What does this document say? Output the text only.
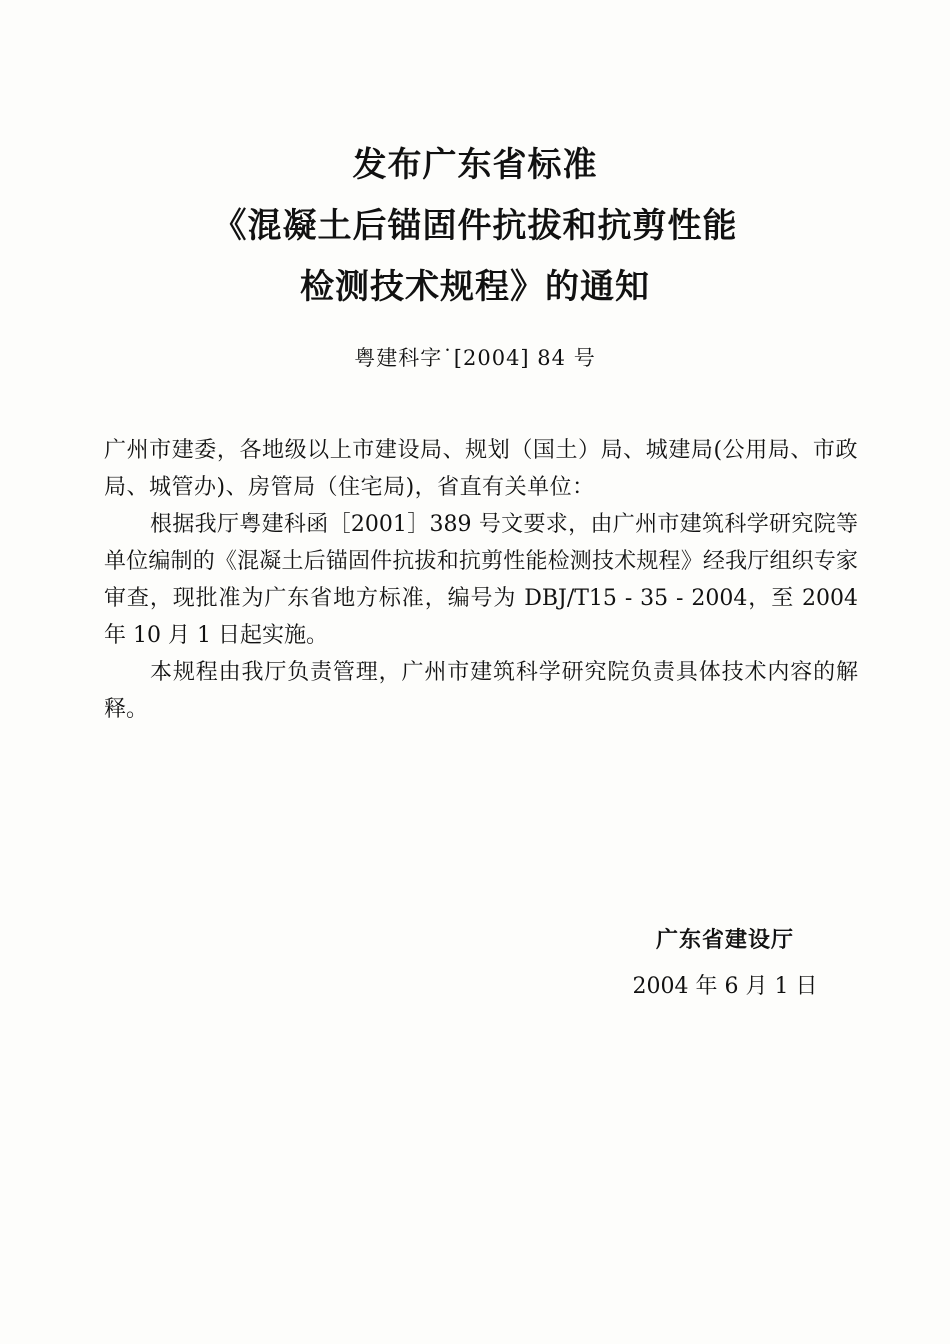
发布广东省标准
《混凝土后锚固件抗拔和抗剪性能
检测技术规程》的通知
粤建科字˙[2004] 84 号

广州市建委，各地级以上市建设局、规划（国土）局、城建局(公用局、市政局、城管办)、房管局（住宅局)，省直有关单位：

根据我厅粤建科函［2001］389 号文要求，由广州市建筑科学研究院等单位编制的《混凝土后锚固件抗拔和抗剪性能检测技术规程》经我厅组织专家审查，现批准为广东省地方标准，编号为 DBJ/T15 - 35 - 2004，至 2004 年 10 月 1 日起实施。

本规程由我厅负责管理，广州市建筑科学研究院负责具体技术内容的解释。

广东省建设厅
2004 年 6 月 1 日
